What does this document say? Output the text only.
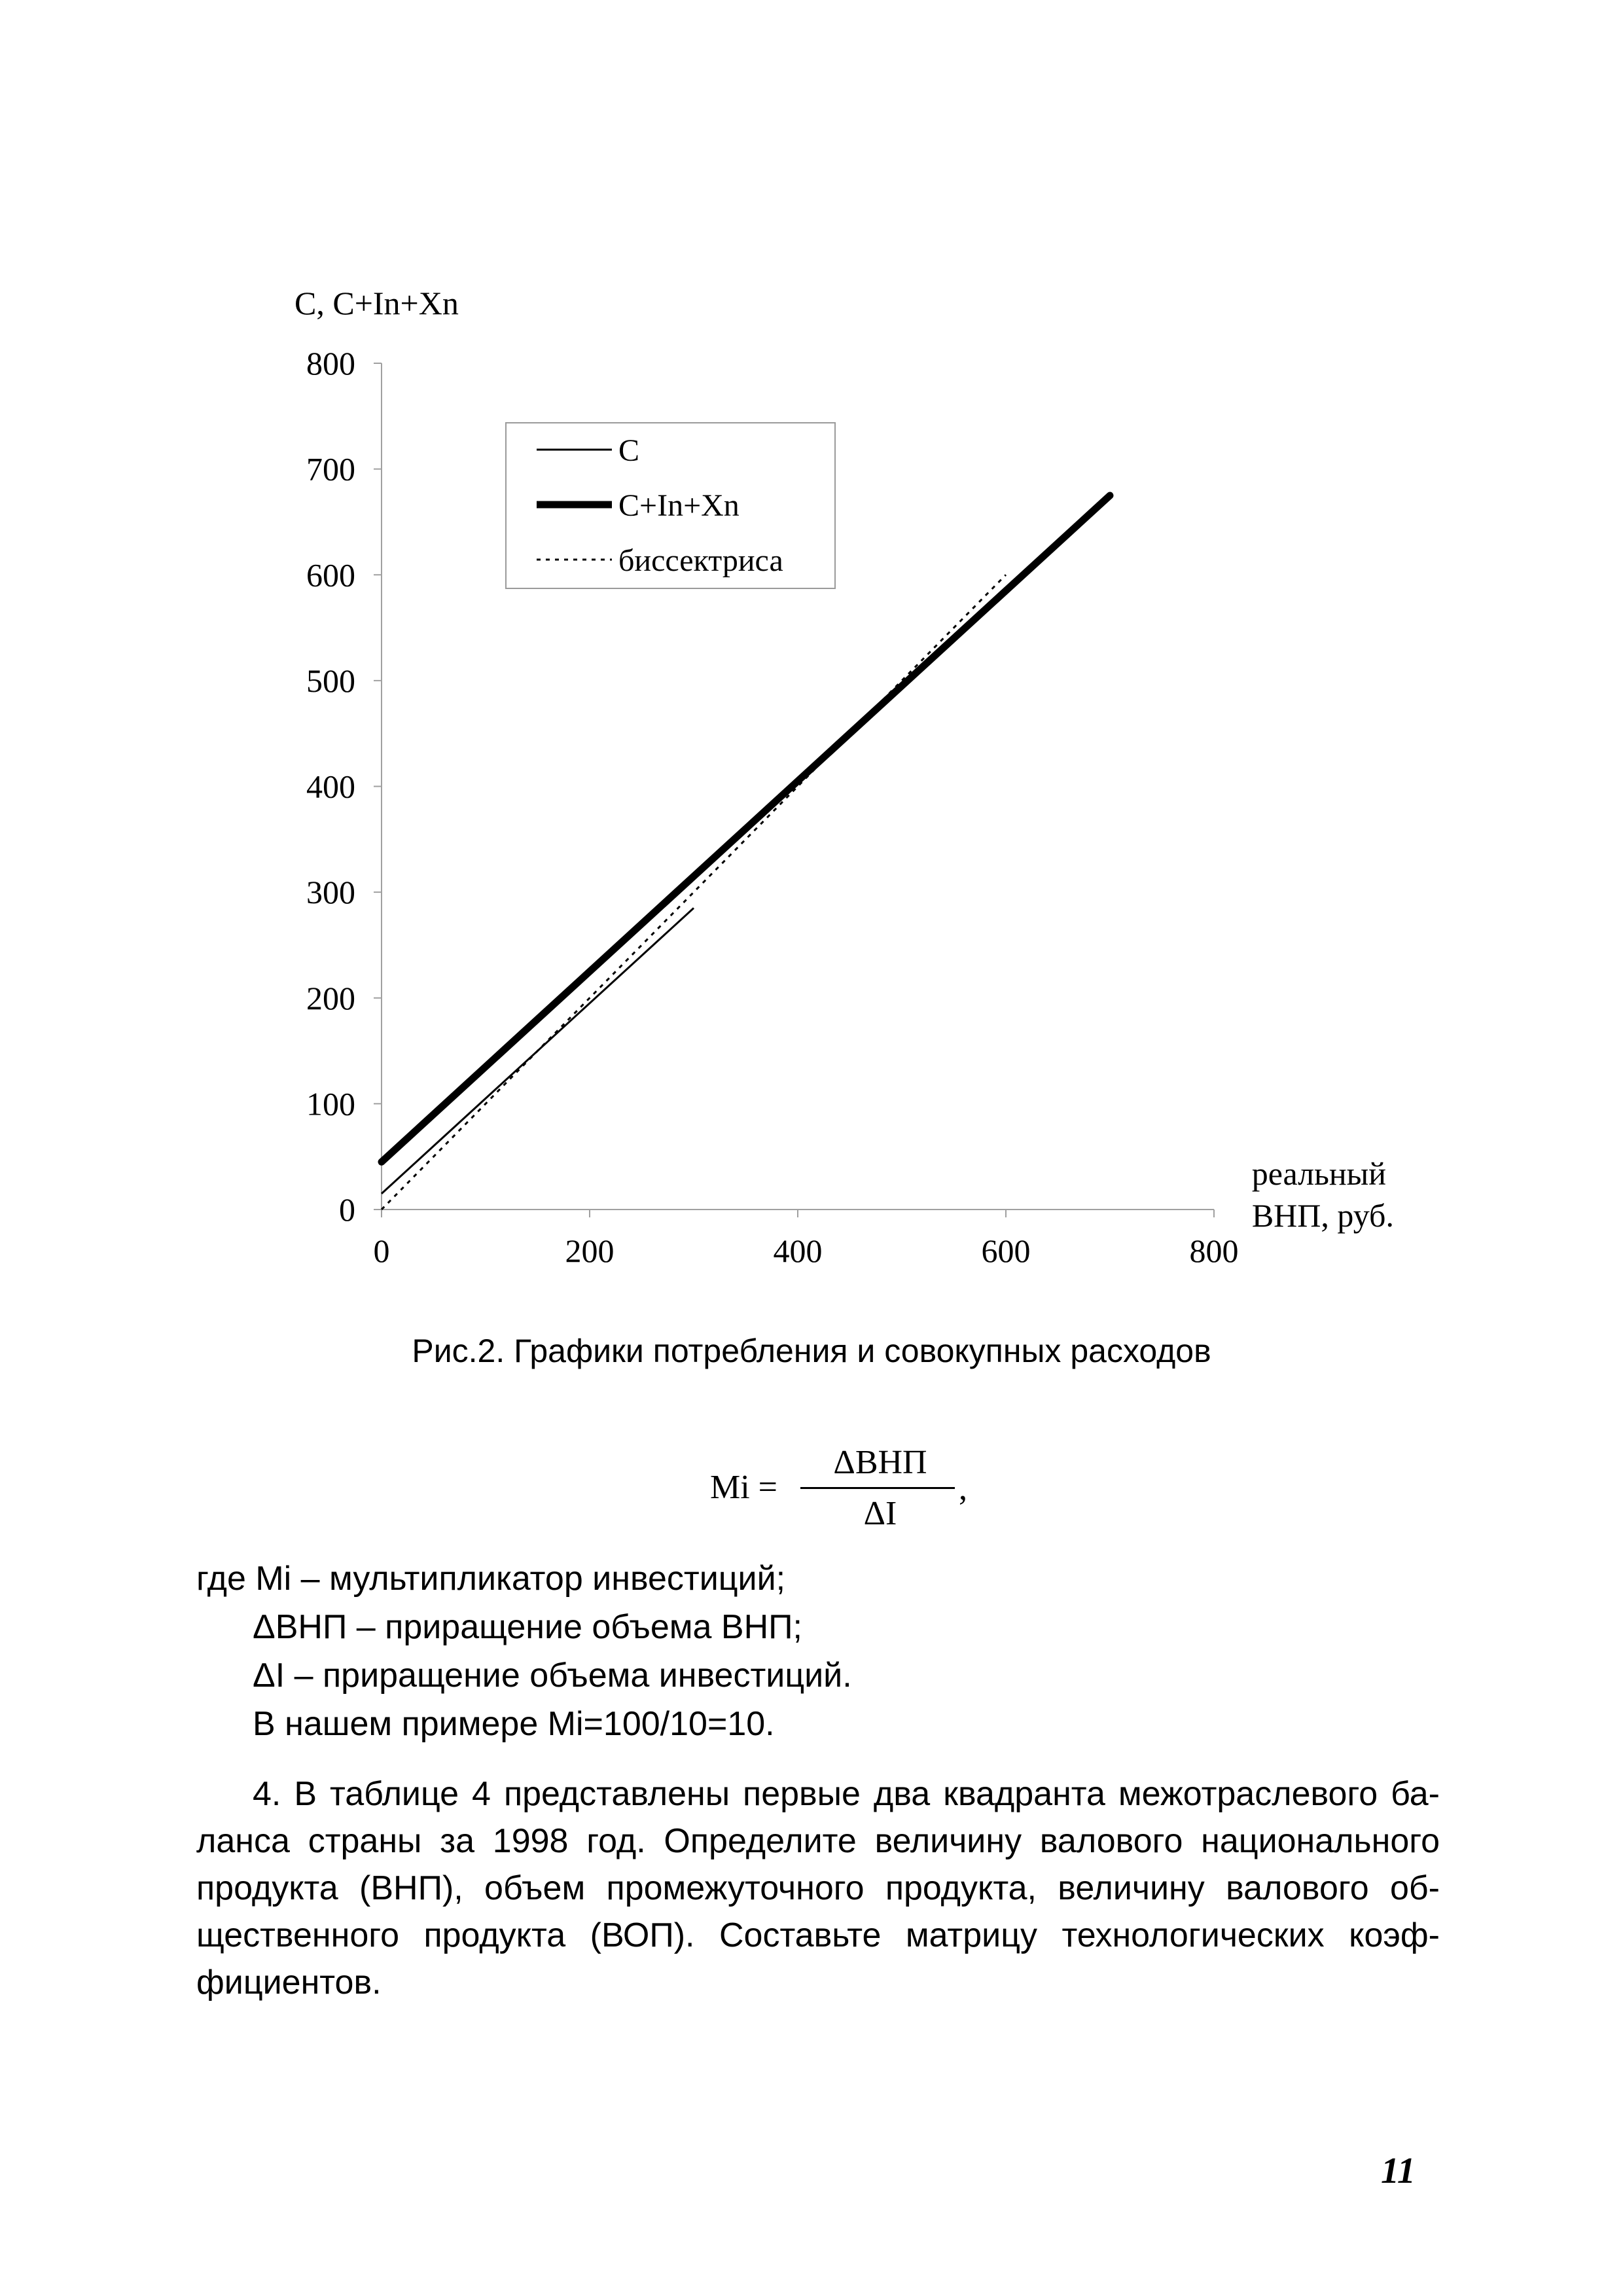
C, C+In+Xn
0	200	400	600	800
0
100
200
300
400
500
600
700
800
C
C+In+Xn
биссектриса
реальный
ВНП, руб.
Рис.2. Графики потребления и совокупных расходов
Mi =
ΔВНП
ΔI
,
где Mi – мультипликатор инвестиций;
ΔВНП – приращение объема ВНП;
ΔI – приращение объема инвестиций.
В нашем примере Mi=100/10=10.
4. В таблице 4 представлены первые два квадранта межотраслевого ба-
ланса страны за 1998 год. Определите величину валового национального
продукта (ВНП), объем промежуточного продукта, величину валового об-
щественного продукта (ВОП). Составьте матрицу технологических коэф-
фициентов.
11
